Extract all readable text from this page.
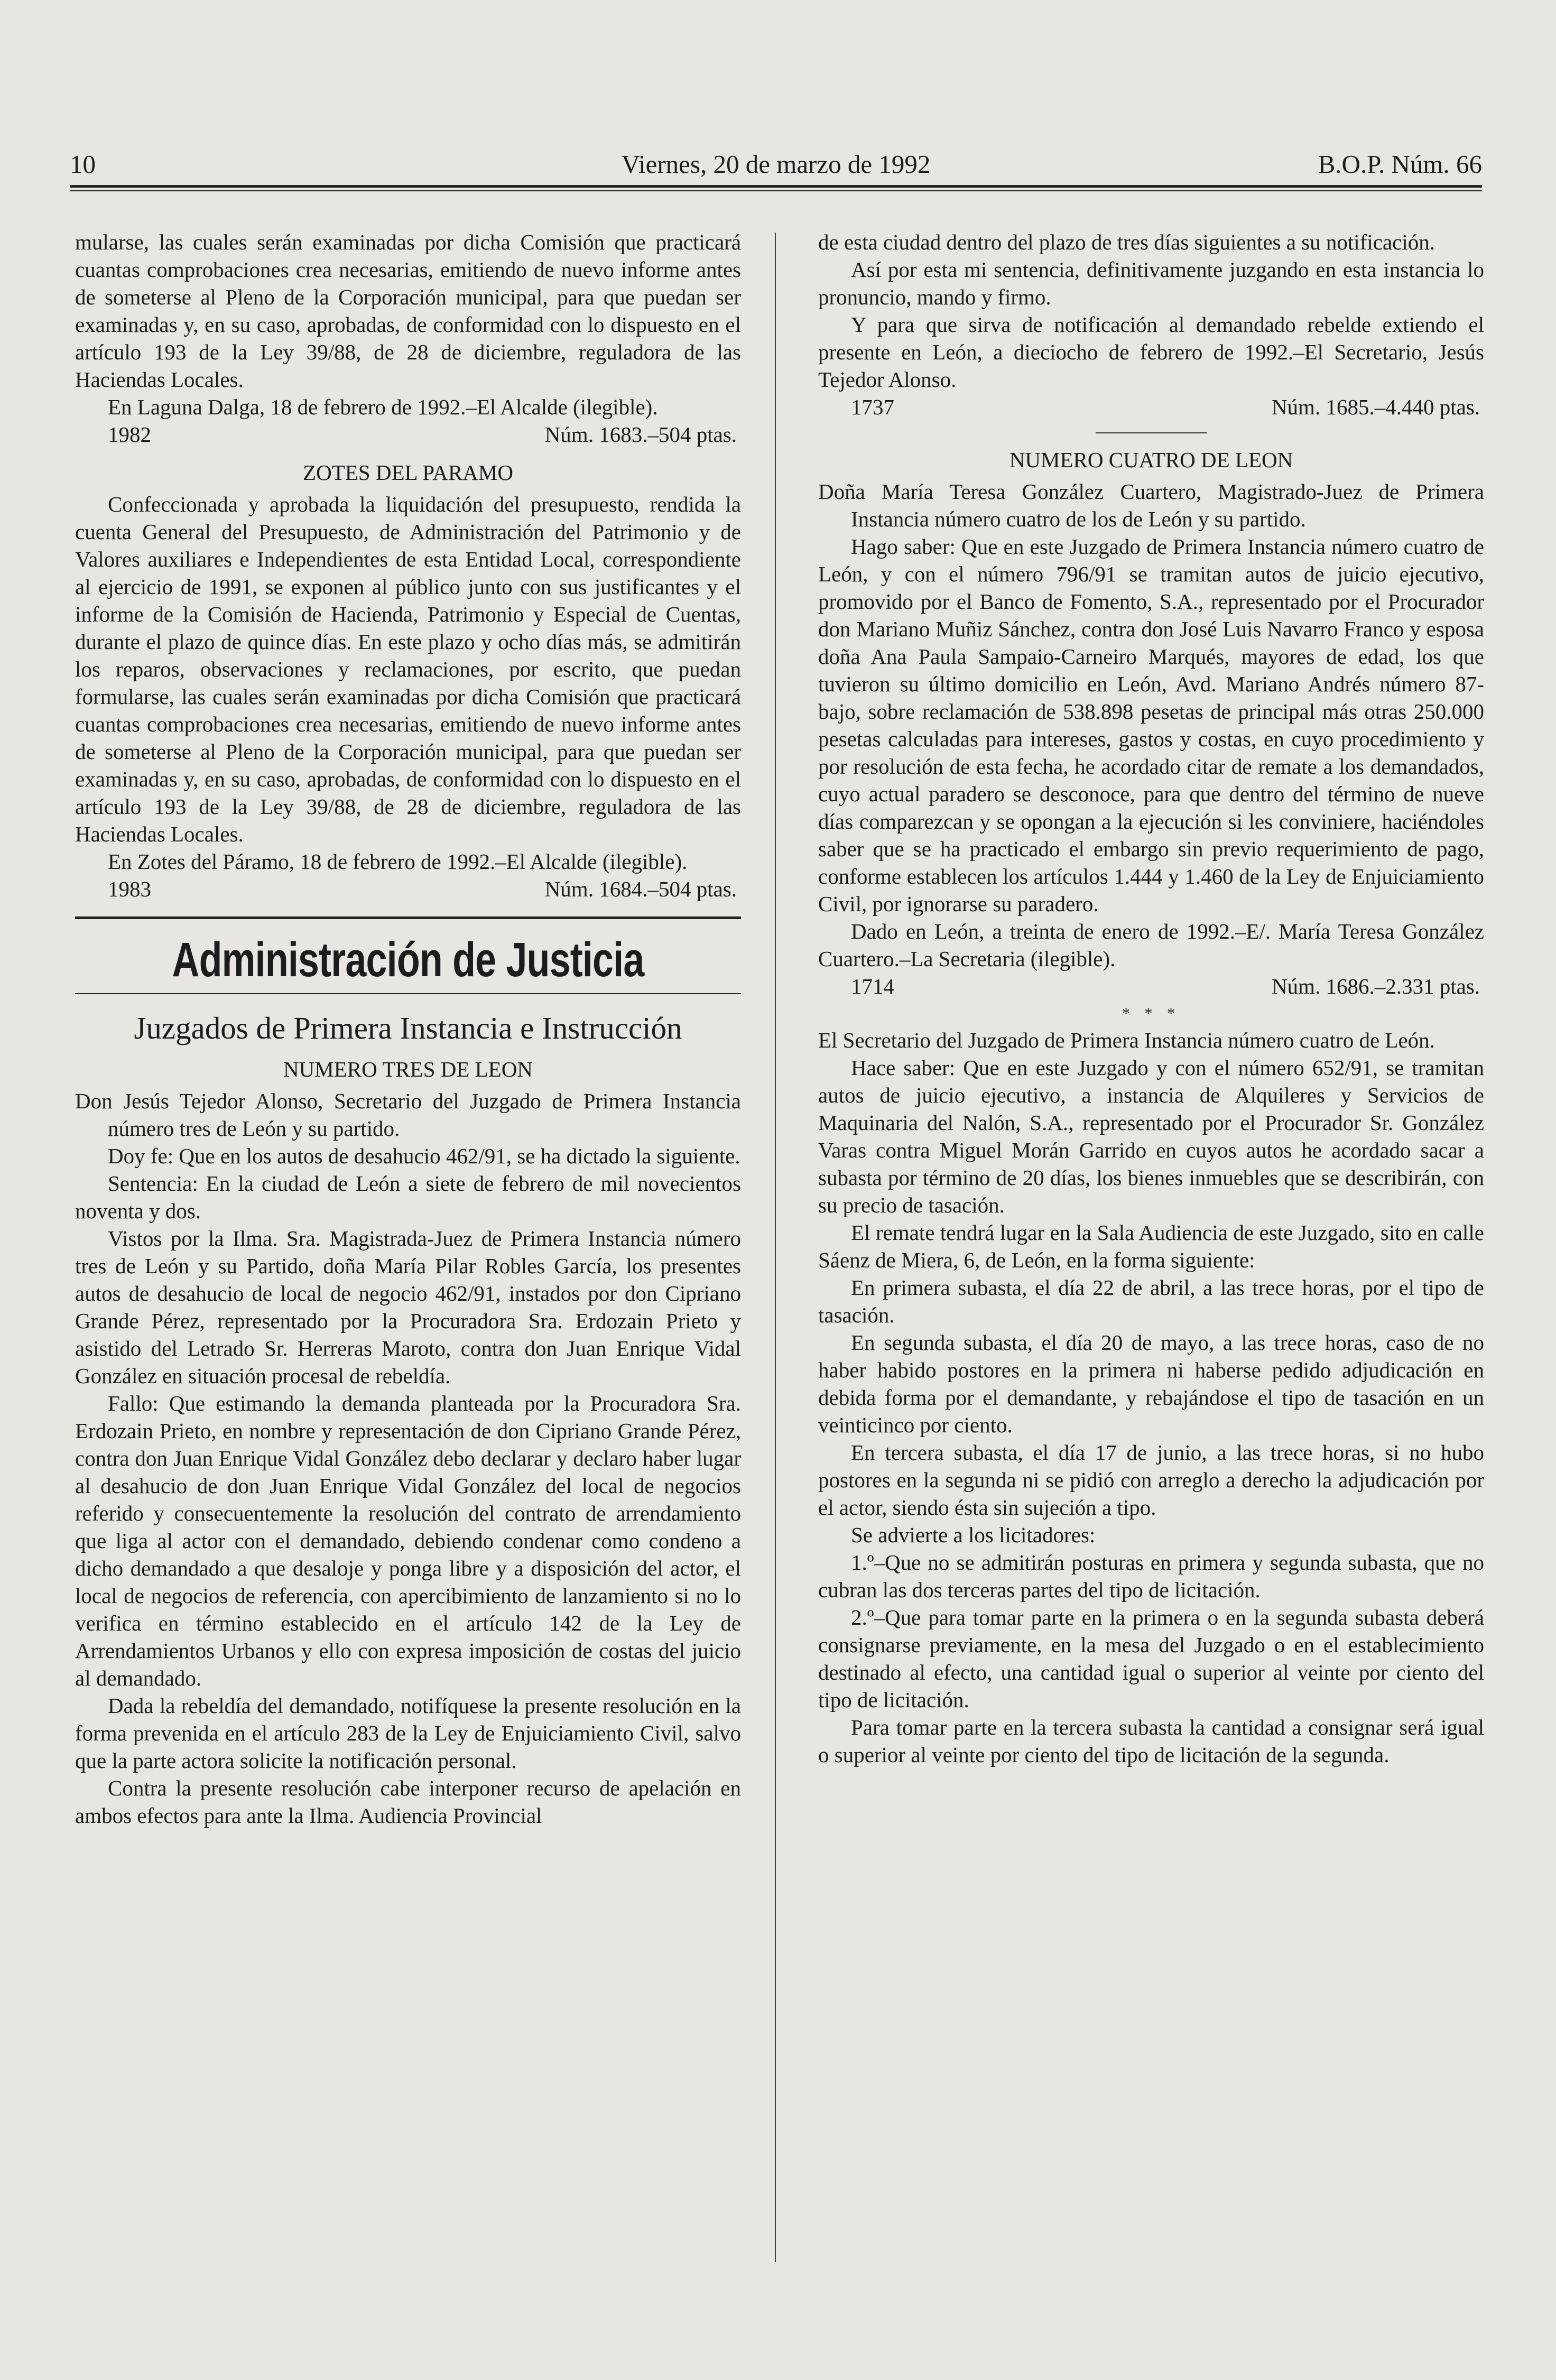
10	Viernes, 20 de marzo de 1992	B.O.P. Núm. 66

mularse, las cuales serán examinadas por dicha Comisión que practicará cuantas comprobaciones crea necesarias, emitiendo de nuevo informe antes de someterse al Pleno de la Corporación municipal, para que puedan ser examinadas y, en su caso, aprobadas, de conformidad con lo dispuesto en el artículo 193 de la Ley 39/88, de 28 de diciembre, reguladora de las Haciendas Locales.

En Laguna Dalga, 18 de febrero de 1992.–El Alcalde (ilegible).

1982	Núm. 1683.–504 ptas.

ZOTES DEL PARAMO

Confeccionada y aprobada la liquidación del presupuesto, rendida la cuenta General del Presupuesto, de Administración del Patrimonio y de Valores auxiliares e Independientes de esta Entidad Local, correspondiente al ejercicio de 1991, se exponen al público junto con sus justificantes y el informe de la Comisión de Hacienda, Patrimonio y Especial de Cuentas, durante el plazo de quince días. En este plazo y ocho días más, se admitirán los reparos, observaciones y reclamaciones, por escrito, que puedan formularse, las cuales serán examinadas por dicha Comisión que practicará cuantas comprobaciones crea necesarias, emitiendo de nuevo informe antes de someterse al Pleno de la Corporación municipal, para que puedan ser examinadas y, en su caso, aprobadas, de conformidad con lo dispuesto en el artículo 193 de la Ley 39/88, de 28 de diciembre, reguladora de las Haciendas Locales.

En Zotes del Páramo, 18 de febrero de 1992.–El Alcalde (ilegible).

1983	Núm. 1684.–504 ptas.

Administración de Justicia
Juzgados de Primera Instancia e Instrucción

NUMERO TRES DE LEON

Don Jesús Tejedor Alonso, Secretario del Juzgado de Primera Instancia número tres de León y su partido.

Doy fe: Que en los autos de desahucio 462/91, se ha dictado la siguiente.

Sentencia: En la ciudad de León a siete de febrero de mil novecientos noventa y dos.

Vistos por la Ilma. Sra. Magistrada-Juez de Primera Instancia número tres de León y su Partido, doña María Pilar Robles García, los presentes autos de desahucio de local de negocio 462/91, instados por don Cipriano Grande Pérez, representado por la Procuradora Sra. Erdozain Prieto y asistido del Letrado Sr. Herreras Maroto, contra don Juan Enrique Vidal González en situación procesal de rebeldía.

Fallo: Que estimando la demanda planteada por la Procuradora Sra. Erdozain Prieto, en nombre y representación de don Cipriano Grande Pérez, contra don Juan Enrique Vidal González debo declarar y declaro haber lugar al desahucio de don Juan Enrique Vidal González del local de negocios referido y consecuentemente la resolución del contrato de arrendamiento que liga al actor con el demandado, debiendo condenar como condeno a dicho demandado a que desaloje y ponga libre y a disposición del actor, el local de negocios de referencia, con apercibimiento de lanzamiento si no lo verifica en término establecido en el artículo 142 de la Ley de Arrendamientos Urbanos y ello con expresa imposición de costas del juicio al demandado.

Dada la rebeldía del demandado, notifíquese la presente resolución en la forma prevenida en el artículo 283 de la Ley de Enjuiciamiento Civil, salvo que la parte actora solicite la notificación personal.

Contra la presente resolución cabe interponer recurso de apelación en ambos efectos para ante la Ilma. Audiencia Provincial

de esta ciudad dentro del plazo de tres días siguientes a su notificación.

Así por esta mi sentencia, definitivamente juzgando en esta instancia lo pronuncio, mando y firmo.

Y para que sirva de notificación al demandado rebelde extiendo el presente en León, a dieciocho de febrero de 1992.–El Secretario, Jesús Tejedor Alonso.

1737	Núm. 1685.–4.440 ptas.

NUMERO CUATRO DE LEON

Doña María Teresa González Cuartero, Magistrado-Juez de Primera Instancia número cuatro de los de León y su partido.

Hago saber: Que en este Juzgado de Primera Instancia número cuatro de León, y con el número 796/91 se tramitan autos de juicio ejecutivo, promovido por el Banco de Fomento, S.A., representado por el Procurador don Mariano Muñiz Sánchez, contra don José Luis Navarro Franco y esposa doña Ana Paula Sampaio-Carneiro Marqués, mayores de edad, los que tuvieron su último domicilio en León, Avd. Mariano Andrés número 87-bajo, sobre reclamación de 538.898 pesetas de principal más otras 250.000 pesetas calculadas para intereses, gastos y costas, en cuyo procedimiento y por resolución de esta fecha, he acordado citar de remate a los demandados, cuyo actual paradero se desconoce, para que dentro del término de nueve días comparezcan y se opongan a la ejecución si les conviniere, haciéndoles saber que se ha practicado el embargo sin previo requerimiento de pago, conforme establecen los artículos 1.444 y 1.460 de la Ley de Enjuiciamiento Civil, por ignorarse su paradero.

Dado en León, a treinta de enero de 1992.–E/. María Teresa González Cuartero.–La Secretaria (ilegible).

1714	Núm. 1686.–2.331 ptas.

* * *

El Secretario del Juzgado de Primera Instancia número cuatro de León.

Hace saber: Que en este Juzgado y con el número 652/91, se tramitan autos de juicio ejecutivo, a instancia de Alquileres y Servicios de Maquinaria del Nalón, S.A., representado por el Procurador Sr. González Varas contra Miguel Morán Garrido en cuyos autos he acordado sacar a subasta por término de 20 días, los bienes inmuebles que se describirán, con su precio de tasación.

El remate tendrá lugar en la Sala Audiencia de este Juzgado, sito en calle Sáenz de Miera, 6, de León, en la forma siguiente:

En primera subasta, el día 22 de abril, a las trece horas, por el tipo de tasación.

En segunda subasta, el día 20 de mayo, a las trece horas, caso de no haber habido postores en la primera ni haberse pedido adjudicación en debida forma por el demandante, y rebajándose el tipo de tasación en un veinticinco por ciento.

En tercera subasta, el día 17 de junio, a las trece horas, si no hubo postores en la segunda ni se pidió con arreglo a derecho la adjudicación por el actor, siendo ésta sin sujeción a tipo.

Se advierte a los licitadores:

1.º–Que no se admitirán posturas en primera y segunda subasta, que no cubran las dos terceras partes del tipo de licitación.

2.º–Que para tomar parte en la primera o en la segunda subasta deberá consignarse previamente, en la mesa del Juzgado o en el establecimiento destinado al efecto, una cantidad igual o superior al veinte por ciento del tipo de licitación.

Para tomar parte en la tercera subasta la cantidad a consignar será igual o superior al veinte por ciento del tipo de licitación de la segunda.
